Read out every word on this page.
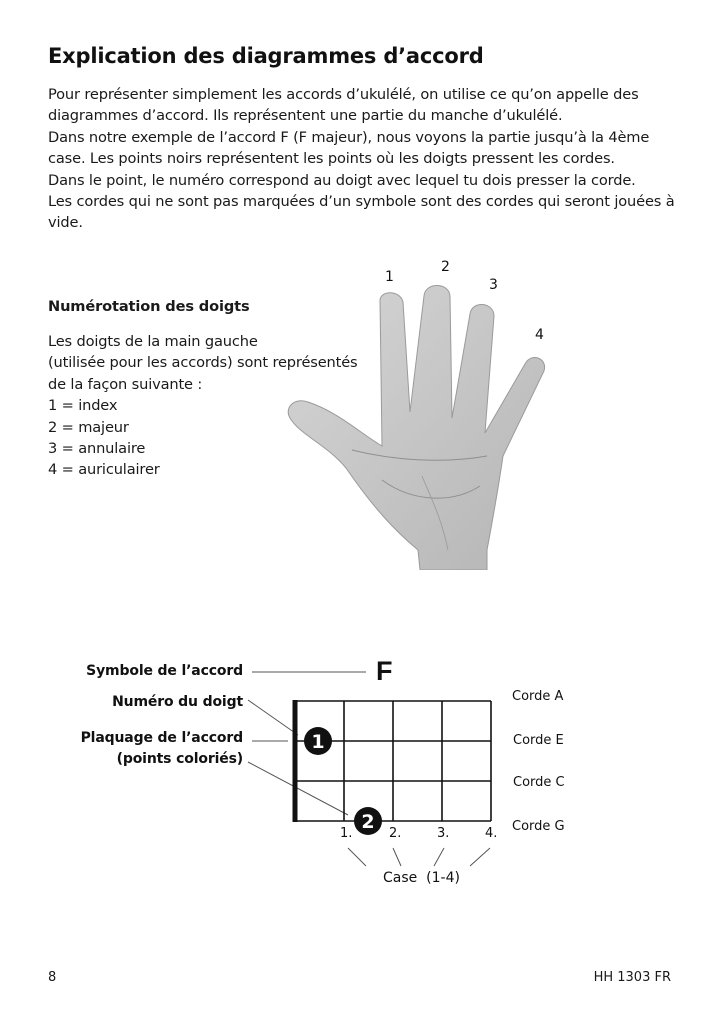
Explication des diagrammes d’accord

Pour représenter simplement les accords d’ukulélé, on utilise ce qu’on appelle des diagrammes d’accord. Ils représentent une partie du manche d’ukulélé.

Dans notre exemple de l’accord F (F majeur), nous voyons la partie jusqu’à la 4ème case. Les points noirs représentent les points où les doigts pressent les cordes.

Dans le point, le numéro correspond au doigt avec lequel tu dois presser la corde.

Les cordes qui ne sont pas marquées d’un symbole sont des cordes qui seront jouées à vide.

Numérotation des doigts

Les doigts de la main gauche

(utilisée pour les accords) sont représentés

de la façon suivante :

1 = index

2 = majeur

3 = annulaire

4 = auriculairer

1
2
3
4
1
2
Symbole de l’accord	F
Numéro du doigt
Plaquage de l’accord
(points coloriés)
Corde A
Corde E
Corde C
Corde G
1.	2.	3.	4.
Case  (1-4)
8	HH 1303 FR
